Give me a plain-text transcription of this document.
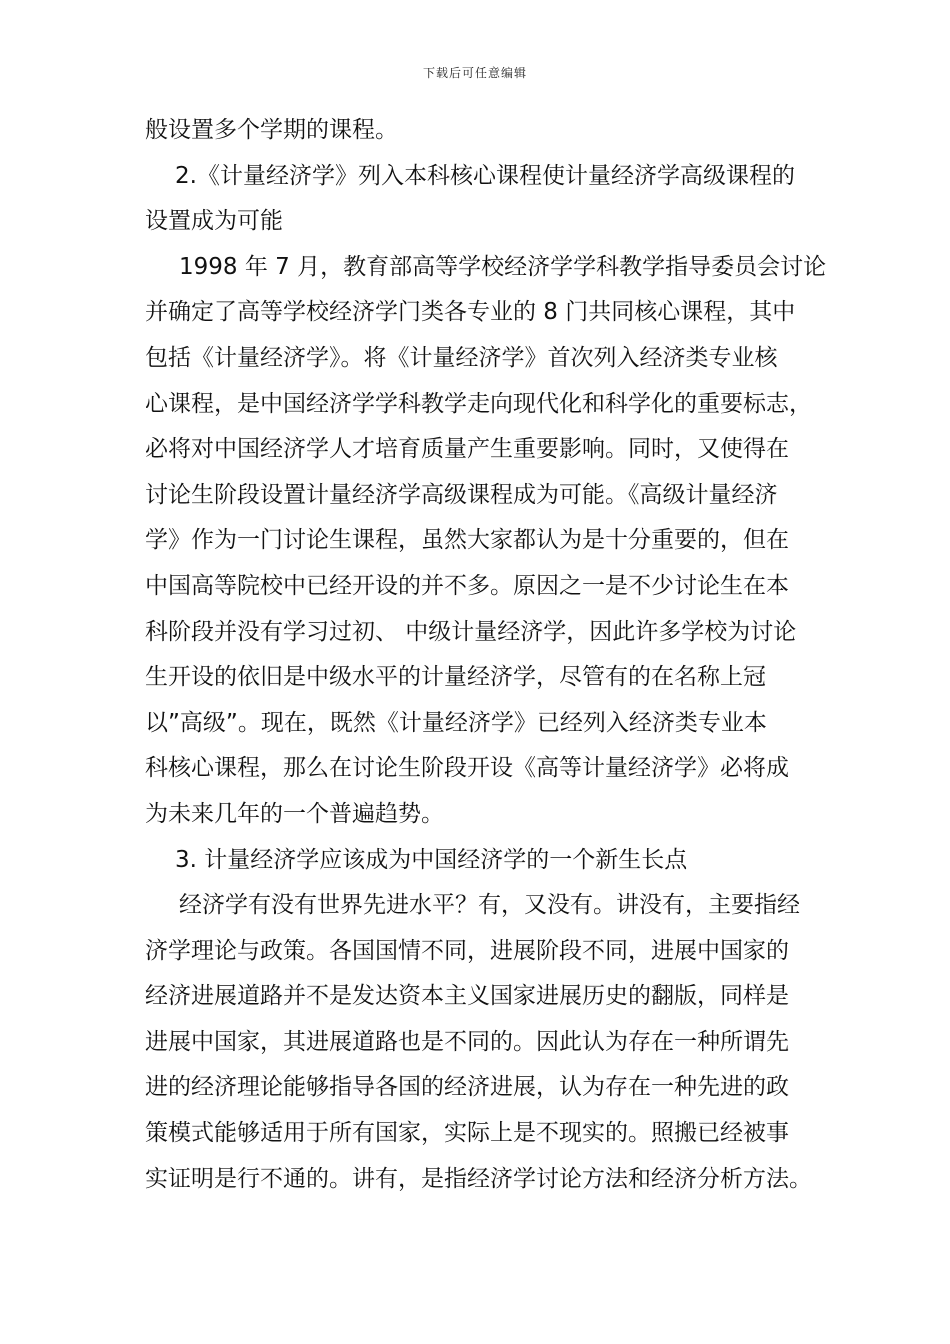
下载后可任意编辑
般设置多个学期的课程。
2.《计量经济学》列入本科核心课程使计量经济学高级课程的
设置成为可能
1998 年 7 月，教育部高等学校经济学学科教学指导委员会讨论
并确定了高等学校经济学门类各专业的 8 门共同核心课程，其中
包括《计量经济学》。将《计量经济学》首次列入经济类专业核
心课程，是中国经济学学科教学走向现代化和科学化的重要标志，
必将对中国经济学人才培育质量产生重要影响。同时，又使得在
讨论生阶段设置计量经济学高级课程成为可能。《高级计量经济
学》作为一门讨论生课程，虽然大家都认为是十分重要的，但在
中国高等院校中已经开设的并不多。原因之一是不少讨论生在本
科阶段并没有学习过初、 中级计量经济学，因此许多学校为讨论
生开设的依旧是中级水平的计量经济学，尽管有的在名称上冠
以”高级”。现在，既然《计量经济学》已经列入经济类专业本
科核心课程，那么在讨论生阶段开设《高等计量经济学》必将成
为未来几年的一个普遍趋势。
3. 计量经济学应该成为中国经济学的一个新生长点
经济学有没有世界先进水平？有，又没有。讲没有，主要指经
济学理论与政策。各国国情不同，进展阶段不同，进展中国家的
经济进展道路并不是发达资本主义国家进展历史的翻版，同样是
进展中国家，其进展道路也是不同的。因此认为存在一种所谓先
进的经济理论能够指导各国的经济进展，认为存在一种先进的政
策模式能够适用于所有国家，实际上是不现实的。照搬已经被事
实证明是行不通的。讲有，是指经济学讨论方法和经济分析方法。
